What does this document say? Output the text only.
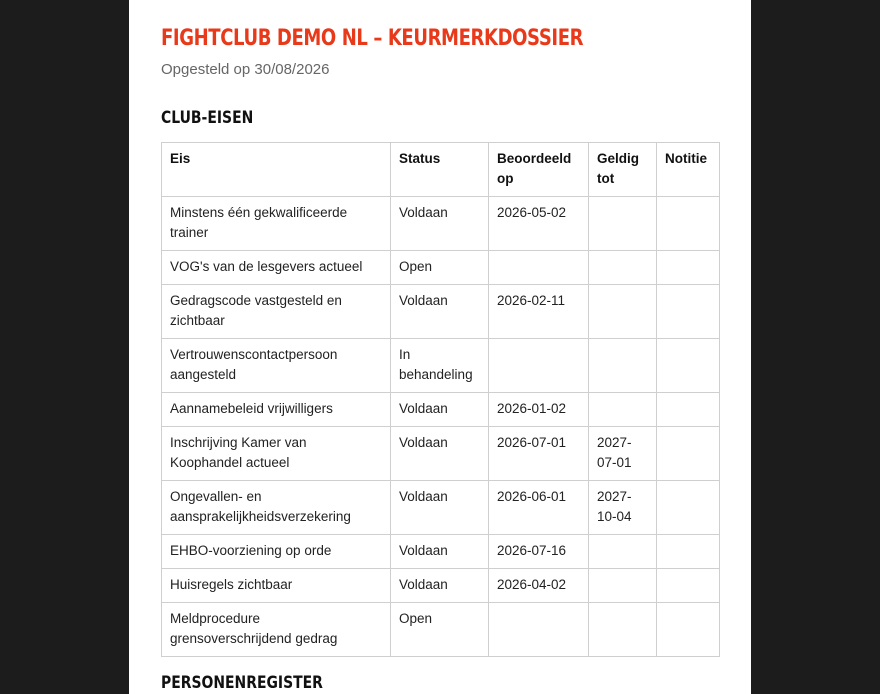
FIGHTCLUB DEMO NL – KEURMERKDOSSIER

Opgesteld op 30/08/2026

CLUB-EISEN
Eis	Status	Beoordeeld op	Geldig tot	Notitie
Minstens één gekwalificeerde trainer	Voldaan	2026-05-02		
VOG's van de lesgevers actueel	Open			
Gedragscode vastgesteld en zichtbaar	Voldaan	2026-02-11		
Vertrouwenscontactpersoon aangesteld	In behandeling			
Aannamebeleid vrijwilligers	Voldaan	2026-01-02		
Inschrijving Kamer van Koophandel actueel	Voldaan	2026-07-01	2027-07-01	
Ongevallen- en aansprakelijkheidsverzekering	Voldaan	2026-06-01	2027-10-04	
EHBO-voorziening op orde	Voldaan	2026-07-16		
Huisregels zichtbaar	Voldaan	2026-04-02		
Meldprocedure grensoverschrijdend gedrag	Open			
PERSONENREGISTER
